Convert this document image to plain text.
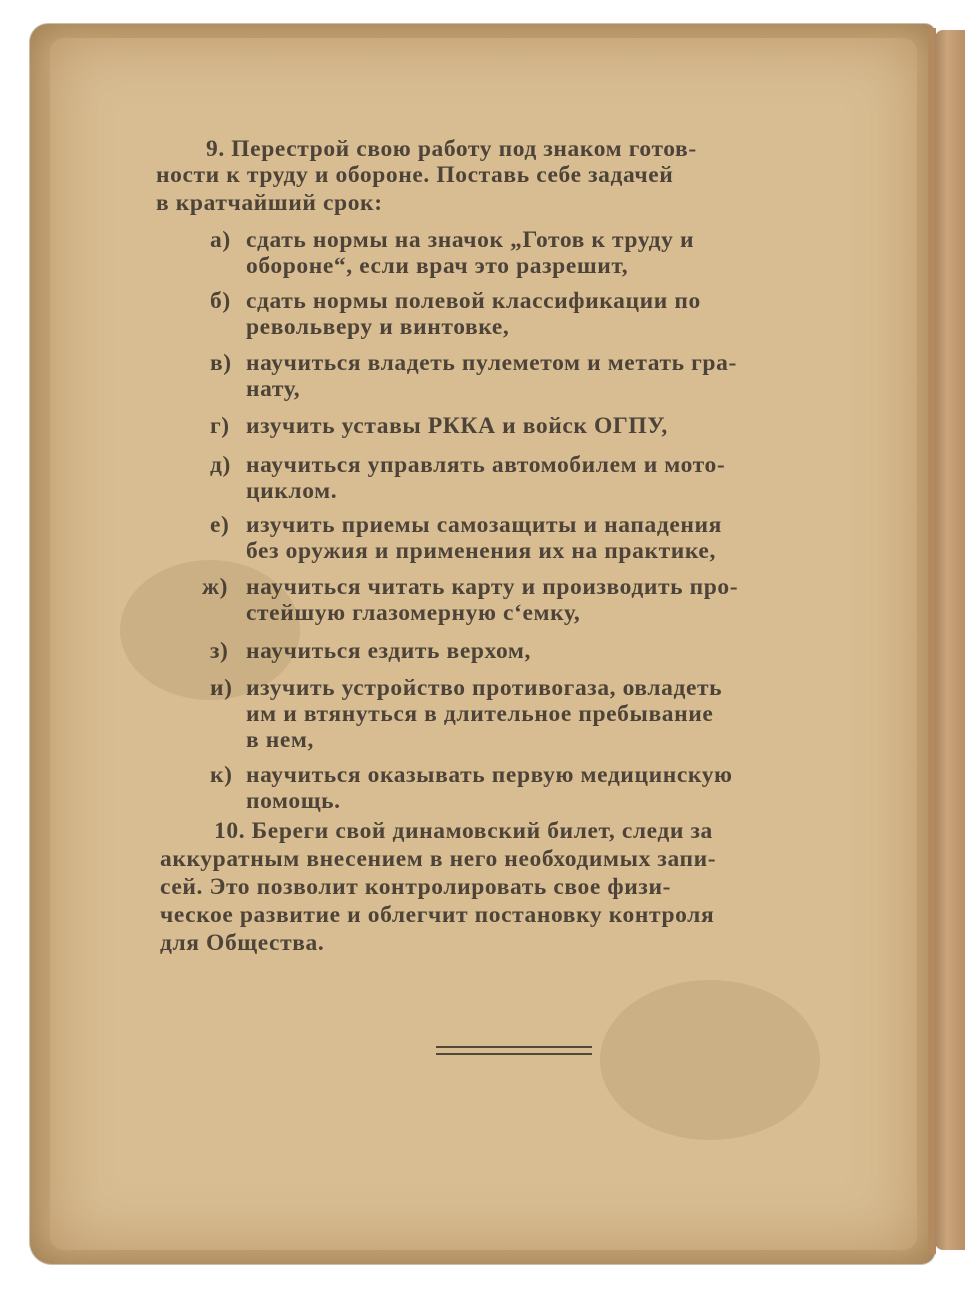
9. Перестрой свою работу под знаком готов-
ности к труду и обороне. Поставь себе задачей
в кратчайший срок:
а) сдать нормы на значок „Готов к труду и
обороне“, если врач это разрешит,
б) сдать нормы полевой классификации по
револьверу и винтовке,
в) научиться владеть пулеметом и метать гра-
нату,
г) изучить уставы РККА и войск ОГПУ,
д) научиться управлять автомобилем и мото-
циклом.
е) изучить приемы самозащиты и нападения
без оружия и применения их на практике,
ж) научиться читать карту и производить про-
стейшую глазомерную с‘емку,
з) научиться ездить верхом,
и) изучить устройство противогаза, овладеть
им и втянуться в длительное пребывание
в нем,
к) научиться оказывать первую медицинскую
помощь.
10. Береги свой динамовский билет, следи за
аккуратным внесением в него необходимых запи-
сей. Это позволит контролировать свое физи-
ческое развитие и облегчит постановку контроля
для Общества.
